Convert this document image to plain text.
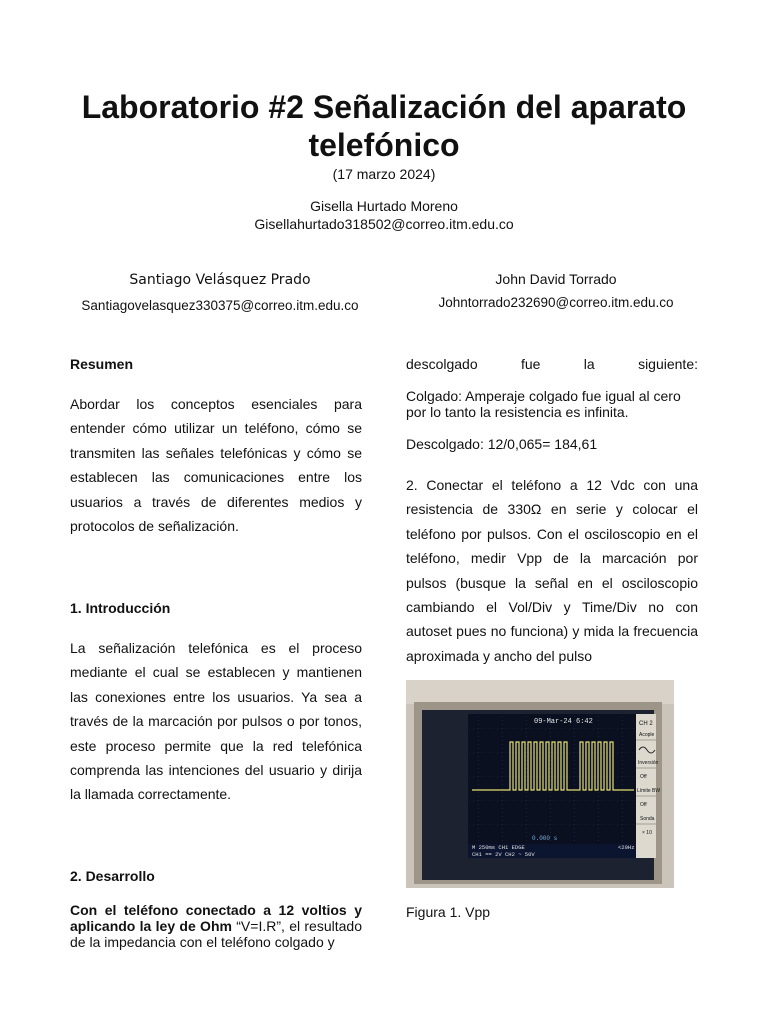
Laboratorio #2 Señalización del aparato telefónico
(17 marzo 2024)
Gisella Hurtado Moreno
Gisellahurtado318502@correo.itm.edu.co
Santiago Velásquez Prado
Santiagovelasquez330375@correo.itm.edu.co
John David Torrado
Johntorrado232690@correo.itm.edu.co
Resumen
Abordar los conceptos esenciales para entender cómo utilizar un teléfono, cómo se transmiten las señales telefónicas y cómo se establecen las comunicaciones entre los usuarios a través de diferentes medios y protocolos de señalización.
1. Introducción
La señalización telefónica es el proceso mediante el cual se establecen y mantienen las conexiones entre los usuarios. Ya sea a través de la marcación por pulsos o por tonos, este proceso permite que la red telefónica comprenda las intenciones del usuario y dirija la llamada correctamente.
2. Desarrollo
Con el teléfono conectado a 12 voltios y aplicando la ley de Ohm “V=I.R”, el resultado de la impedancia con el teléfono colgado y
descolgado fue la siguiente:
Colgado: Amperaje colgado fue igual al cero por lo tanto la resistencia es infinita.
Descolgado: 12/0,065= 184,61
2. Conectar el teléfono a 12 Vdc con una resistencia de 330Ω en serie y colocar el teléfono por pulsos. Con el osciloscopio en el teléfono, medir Vpp de la marcación por pulsos (busque la señal en el osciloscopio cambiando el Vol/Div y Time/Div no con autoset pues no funciona) y mida la frecuencia aproximada y ancho del pulso
09-Mar-24 6:42	CH 2
0.000 s
CH1 == 2V CH2 ~ 50V
M 250ms CH1 EDGE	<20Hz
Acople
Inversión
Off
Límite BW
Off
Sonda
× 10
Figura 1. Vpp
